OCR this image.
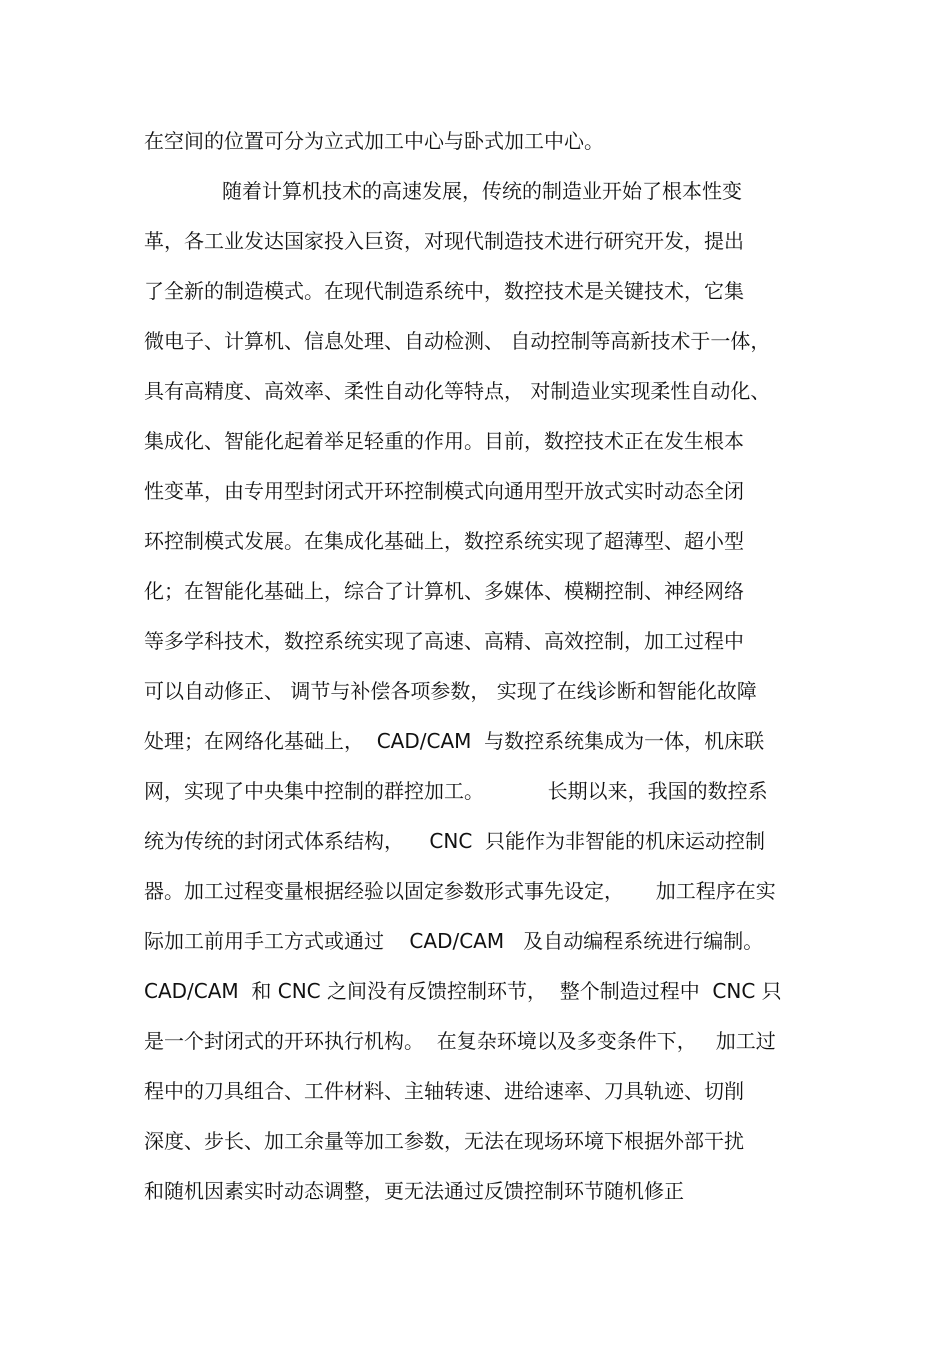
在空间的位置可分为立式加工中心与卧式加工中心。
随着计算机技术的高速发展，传统的制造业开始了根本性变
革，各工业发达国家投入巨资，对现代制造技术进行研究开发，提出
了全新的制造模式。在现代制造系统中，数控技术是关键技术，它集
微电子、计算机、信息处理、自动检测、 自动控制等高新技术于一体，
具有高精度、高效率、柔性自动化等特点， 对制造业实现柔性自动化、
集成化、智能化起着举足轻重的作用。目前，数控技术正在发生根本
性变革，由专用型封闭式开环控制模式向通用型开放式实时动态全闭
环控制模式发展。在集成化基础上，数控系统实现了超薄型、超小型
化；在智能化基础上，综合了计算机、多媒体、模糊控制、神经网络
等多学科技术，数控系统实现了高速、高精、高效控制，加工过程中
可以自动修正、 调节与补偿各项参数， 实现了在线诊断和智能化故障
处理；在网络化基础上，  CAD/CAM  与数控系统集成为一体，机床联
网，实现了中央集中控制的群控加工。          长期以来，我国的数控系
统为传统的封闭式体系结构，    CNC  只能作为非智能的机床运动控制
器。加工过程变量根据经验以固定参数形式事先设定，     加工程序在实
际加工前用手工方式或通过    CAD/CAM   及自动编程系统进行编制。
CAD/CAM  和 CNC 之间没有反馈控制环节，  整个制造过程中  CNC 只
是一个封闭式的开环执行机构。  在复杂环境以及多变条件下，   加工过
程中的刀具组合、工件材料、主轴转速、进给速率、刀具轨迹、切削
深度、步长、加工余量等加工参数，无法在现场环境下根据外部干扰
和随机因素实时动态调整，更无法通过反馈控制环节随机修正
